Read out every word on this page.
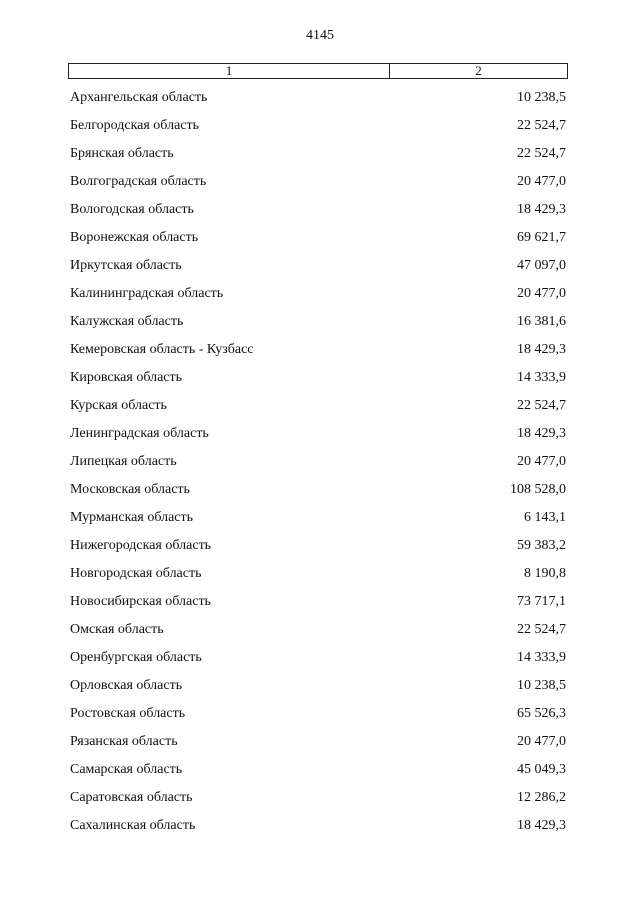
4145
1	2
Архангельская область	10 238,5
Белгородская область	22 524,7
Брянская область	22 524,7
Волгоградская область	20 477,0
Вологодская область	18 429,3
Воронежская область	69 621,7
Иркутская область	47 097,0
Калининградская область	20 477,0
Калужская область	16 381,6
Кемеровская область - Кузбасс	18 429,3
Кировская область	14 333,9
Курская область	22 524,7
Ленинградская область	18 429,3
Липецкая область	20 477,0
Московская область	108 528,0
Мурманская область	6 143,1
Нижегородская область	59 383,2
Новгородская область	8 190,8
Новосибирская область	73 717,1
Омская область	22 524,7
Оренбургская область	14 333,9
Орловская область	10 238,5
Ростовская область	65 526,3
Рязанская область	20 477,0
Самарская область	45 049,3
Саратовская область	12 286,2
Сахалинская область	18 429,3
